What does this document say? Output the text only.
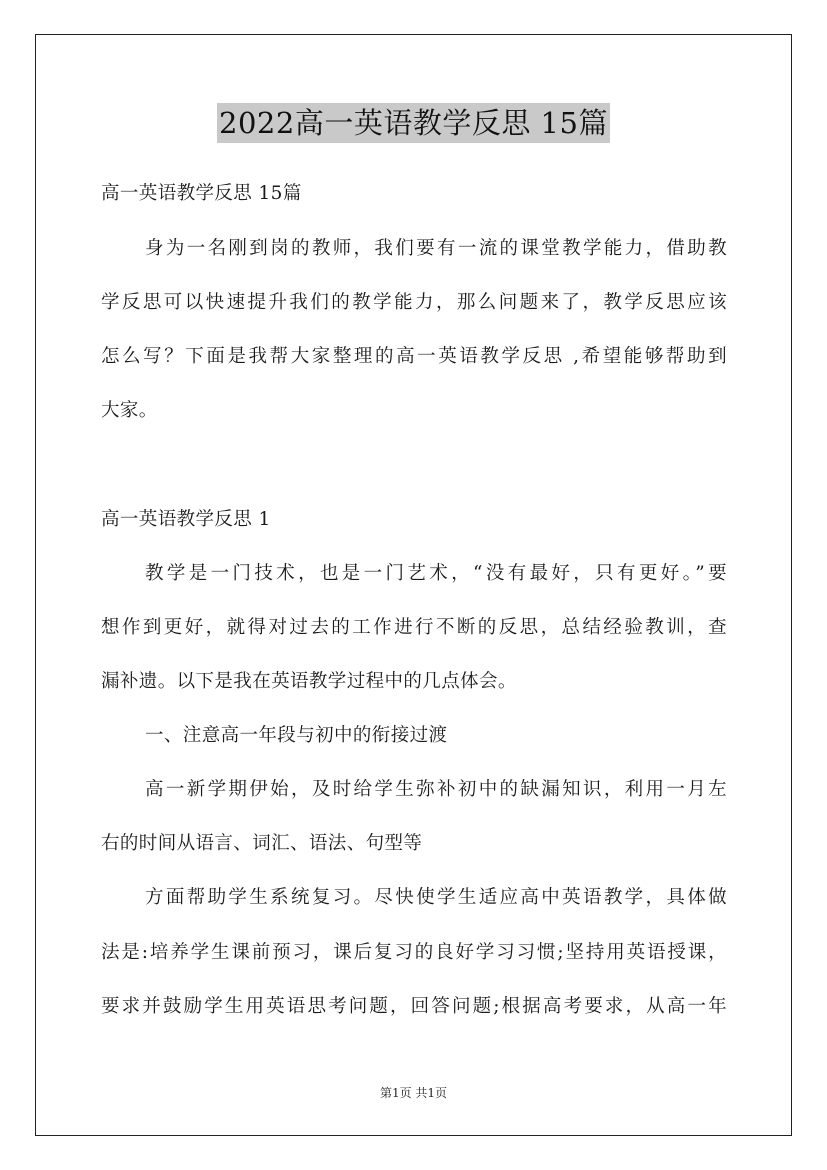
2022高一英语教学反思 15篇
高一英语教学反思 15篇
身为一名刚到岗的教师，我们要有一流的课堂教学能力，借助教
学反思可以快速提升我们的教学能力，那么问题来了，教学反思应该
怎么写？下面是我帮大家整理的高一英语教学反思 ,希望能够帮助到
大家。
高一英语教学反思 1
教学是一门技术，也是一门艺术，“没有最好，只有更好。”要
想作到更好，就得对过去的工作进行不断的反思，总结经验教训，查
漏补遗。以下是我在英语教学过程中的几点体会。
一、注意高一年段与初中的衔接过渡
高一新学期伊始，及时给学生弥补初中的缺漏知识，利用一月左
右的时间从语言、词汇、语法、句型等
方面帮助学生系统复习。尽快使学生适应高中英语教学，具体做
法是:培养学生课前预习，课后复习的良好学习习惯;坚持用英语授课，
要求并鼓励学生用英语思考问题，回答问题;根据高考要求，从高一年
第1页 共1页
